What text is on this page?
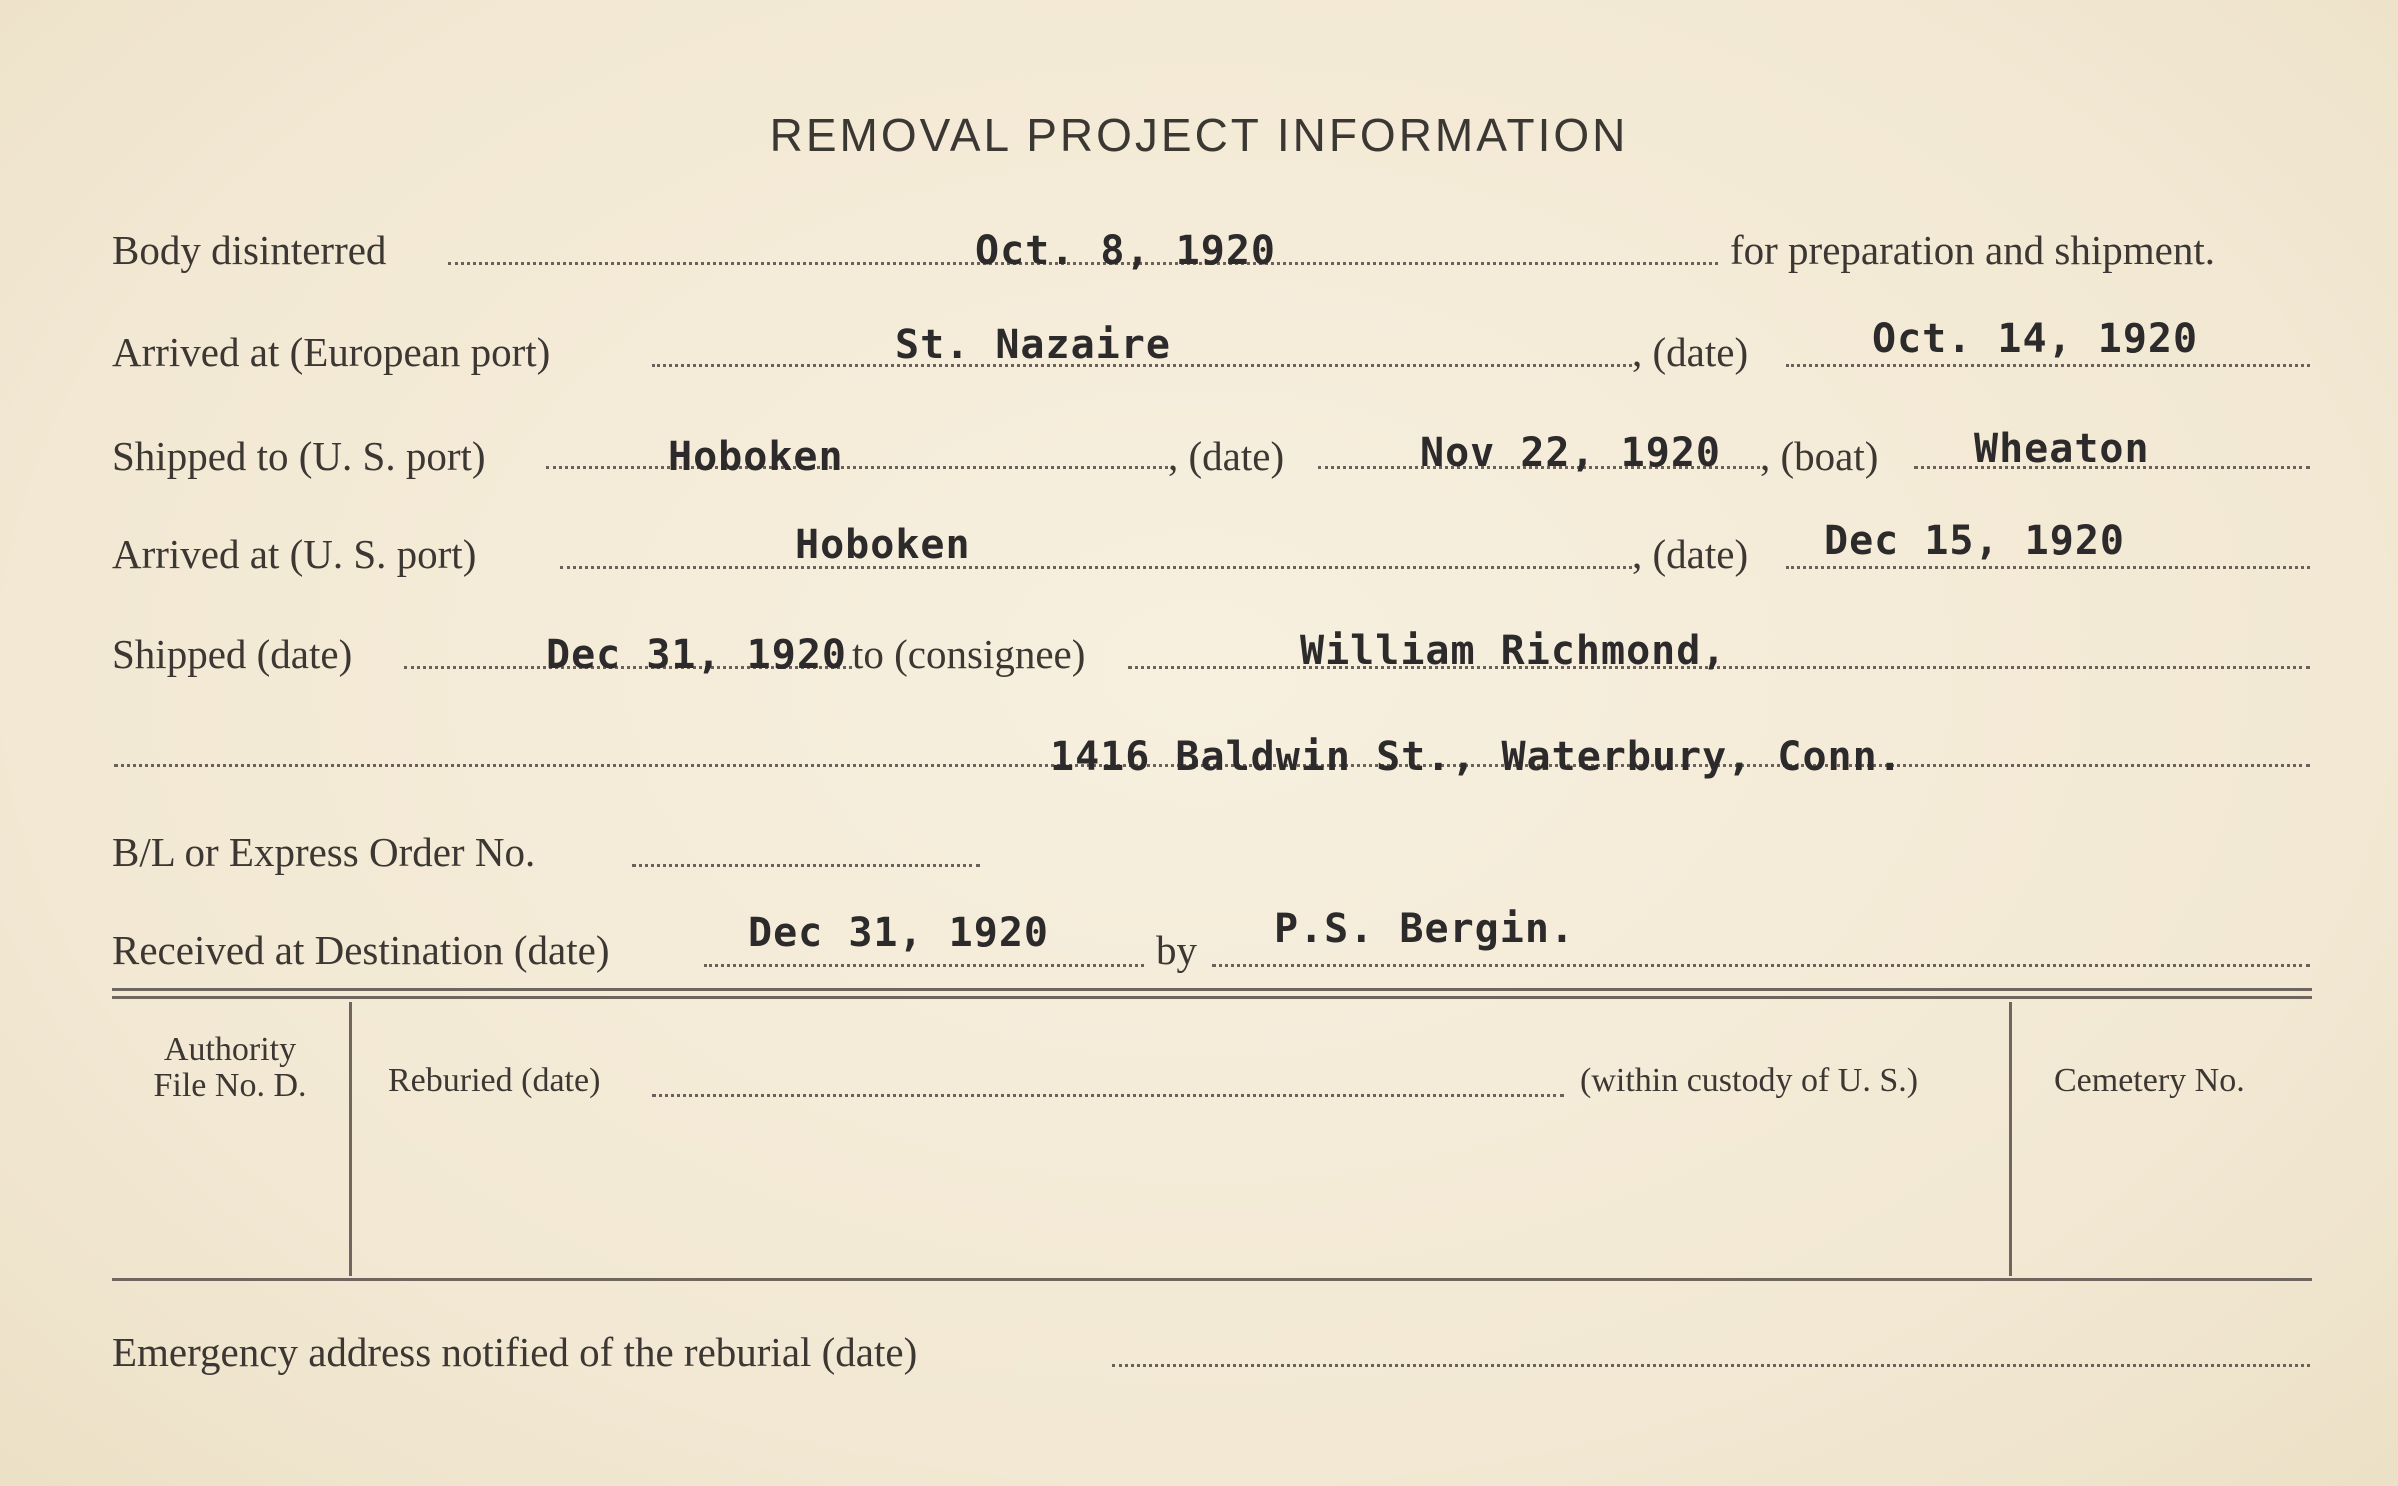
REMOVAL PROJECT INFORMATION
Body disinterred	Oct. 8, 1920	for preparation and shipment.
Arrived at (European port)	St. Nazaire	, (date)	Oct. 14, 1920
Shipped to (U. S. port)	Hoboken	, (date)	Nov 22, 1920 , (boat) Wheaton
Arrived at (U. S. port)	Hoboken	, (date) Dec 15, 1920
Shipped (date)	Dec 31, 1920 to (consignee)	William Richmond,
1416 Baldwin St., Waterbury, Conn.
B/L or Express Order No.
Received at Destination (date)	Dec 31, 1920	by P.S. Bergin.
Authority
File No. D.	Reburied (date)	(within custody of U. S.)	Cemetery No.
Emergency address notified of the reburial (date)
